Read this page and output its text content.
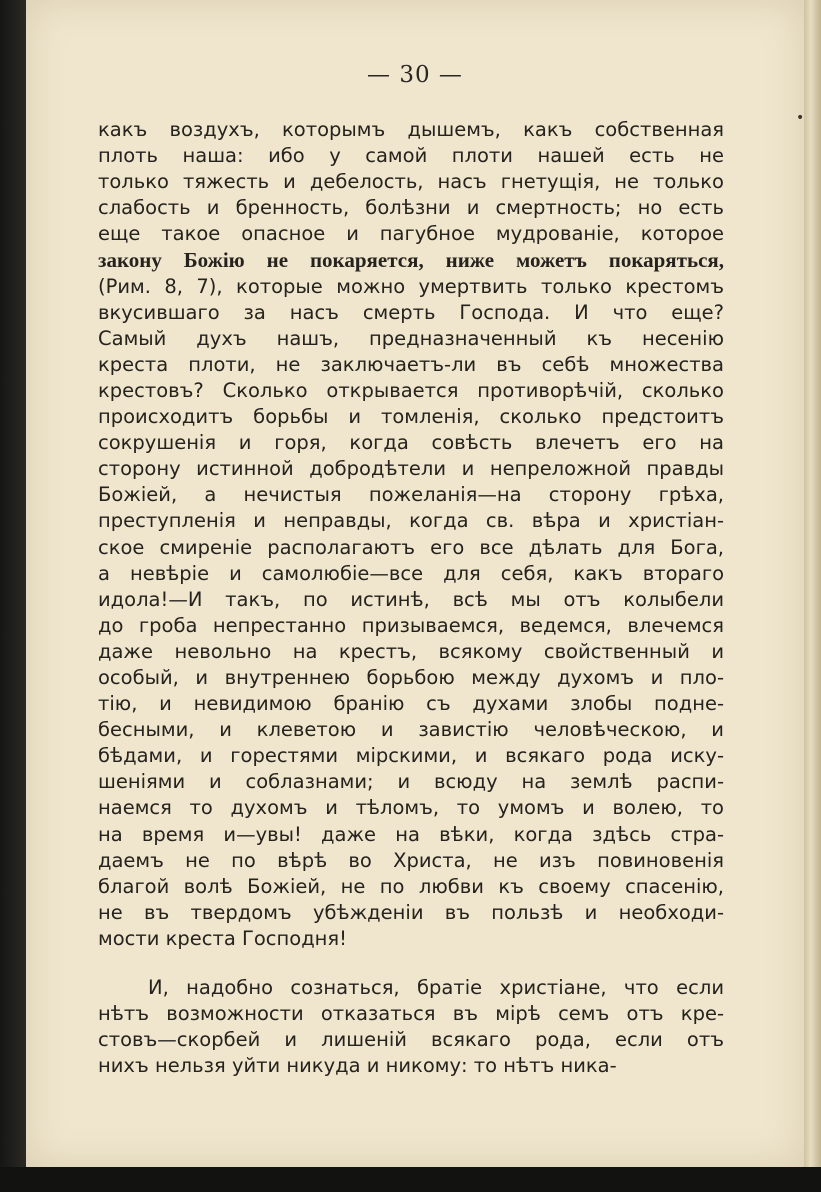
— 30 —
какъ воздухъ, которымъ дышемъ, какъ собственная
плоть наша: ибо у самой плоти нашей есть не
только тяжесть и дебелость, насъ гнетущія, не только
слабость и бренность, болѣзни и смертность; но есть
еще такое опасное и пагубное мудрованіе, которое
закону Божію не покаряется, ниже можетъ покаряться,
(Рим. 8, 7), которые можно умертвить только крестомъ
вкусившаго за насъ смерть Господа. И что еще?
Самый духъ нашъ, предназначенный къ несенію
креста плоти, не заключаетъ-ли въ себѣ множества
крестовъ? Сколько открывается противорѣчій, сколько
происходитъ борьбы и томленія, сколько предстоитъ
сокрушенія и горя, когда совѣсть влечетъ его на
сторону истинной добродѣтели и непреложной правды
Божіей, а нечистыя пожеланія—на сторону грѣха,
преступленія и неправды, когда св. вѣра и христіан-
ское смиреніе располагаютъ его все дѣлать для Бога,
а невѣріе и самолюбіе—все для себя, какъ втораго
идола!—И такъ, по истинѣ, всѣ мы отъ колыбели
до гроба непрестанно призываемся, ведемся, влечемся
даже невольно на крестъ, всякому свойственный и
особый, и внутреннею борьбою между духомъ и пло-
тію, и невидимою бранію съ духами злобы подне-
бесными, и клеветою и завистію человѣческою, и
бѣдами, и горестями мірскими, и всякаго рода иску-
шеніями и соблазнами; и всюду на землѣ распи-
наемся то духомъ и тѣломъ, то умомъ и волею, то
на время и—увы! даже на вѣки, когда здѣсь стра-
даемъ не по вѣрѣ во Христа, не изъ повиновенія
благой волѣ Божіей, не по любви къ своему спасенію,
не въ твердомъ убѣжденіи въ пользѣ и необходи-
мости креста Господня!
И, надобно сознаться, братіе христіане, что если
нѣтъ возможности отказаться въ мірѣ семъ отъ кре-
стовъ—скорбей и лишеній всякаго рода, если отъ
нихъ нельзя уйти никуда и никому: то нѣтъ ника-
•
